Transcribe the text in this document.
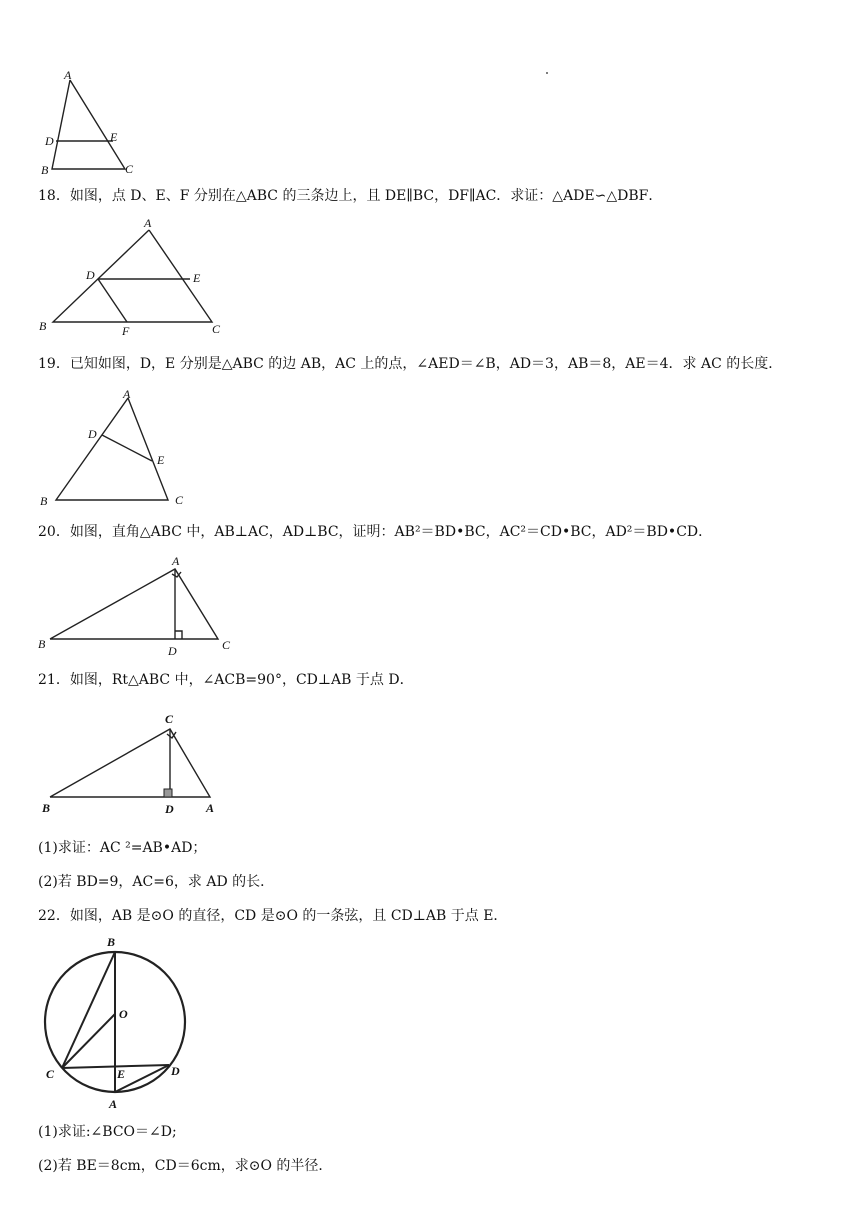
A
D	E
B	C
18．如图，点 D、E、F 分别在△ABC 的三条边上，且 DE∥BC，DF∥AC．求证：△ADE∽△DBF．
A
D	E
B	F	C
19．已知如图，D，E 分别是△ABC 的边 AB，AC 上的点，∠AED＝∠B，AD＝3，AB＝8，AE＝4．求 AC 的长度．
A
D
E
B	C
20．如图，直角△ABC 中，AB⊥AC，AD⊥BC，证明：AB²＝BD•BC，AC²＝CD•BC，AD²＝BD•CD．
A
B	D	C
21．如图，Rt△ABC 中，∠ACB=90°，CD⊥AB 于点 D．
C
B	D	A
(1)求证：AC ²=AB•AD；
(2)若 BD=9，AC=6，求 AD 的长．
22．如图，AB 是⊙O 的直径，CD 是⊙O 的一条弦，且 CD⊥AB 于点 E．
B
O
C	E	D
A
(1)求证:∠BCO＝∠D;
(2)若 BE＝8cm，CD＝6cm，求⊙O 的半径．
